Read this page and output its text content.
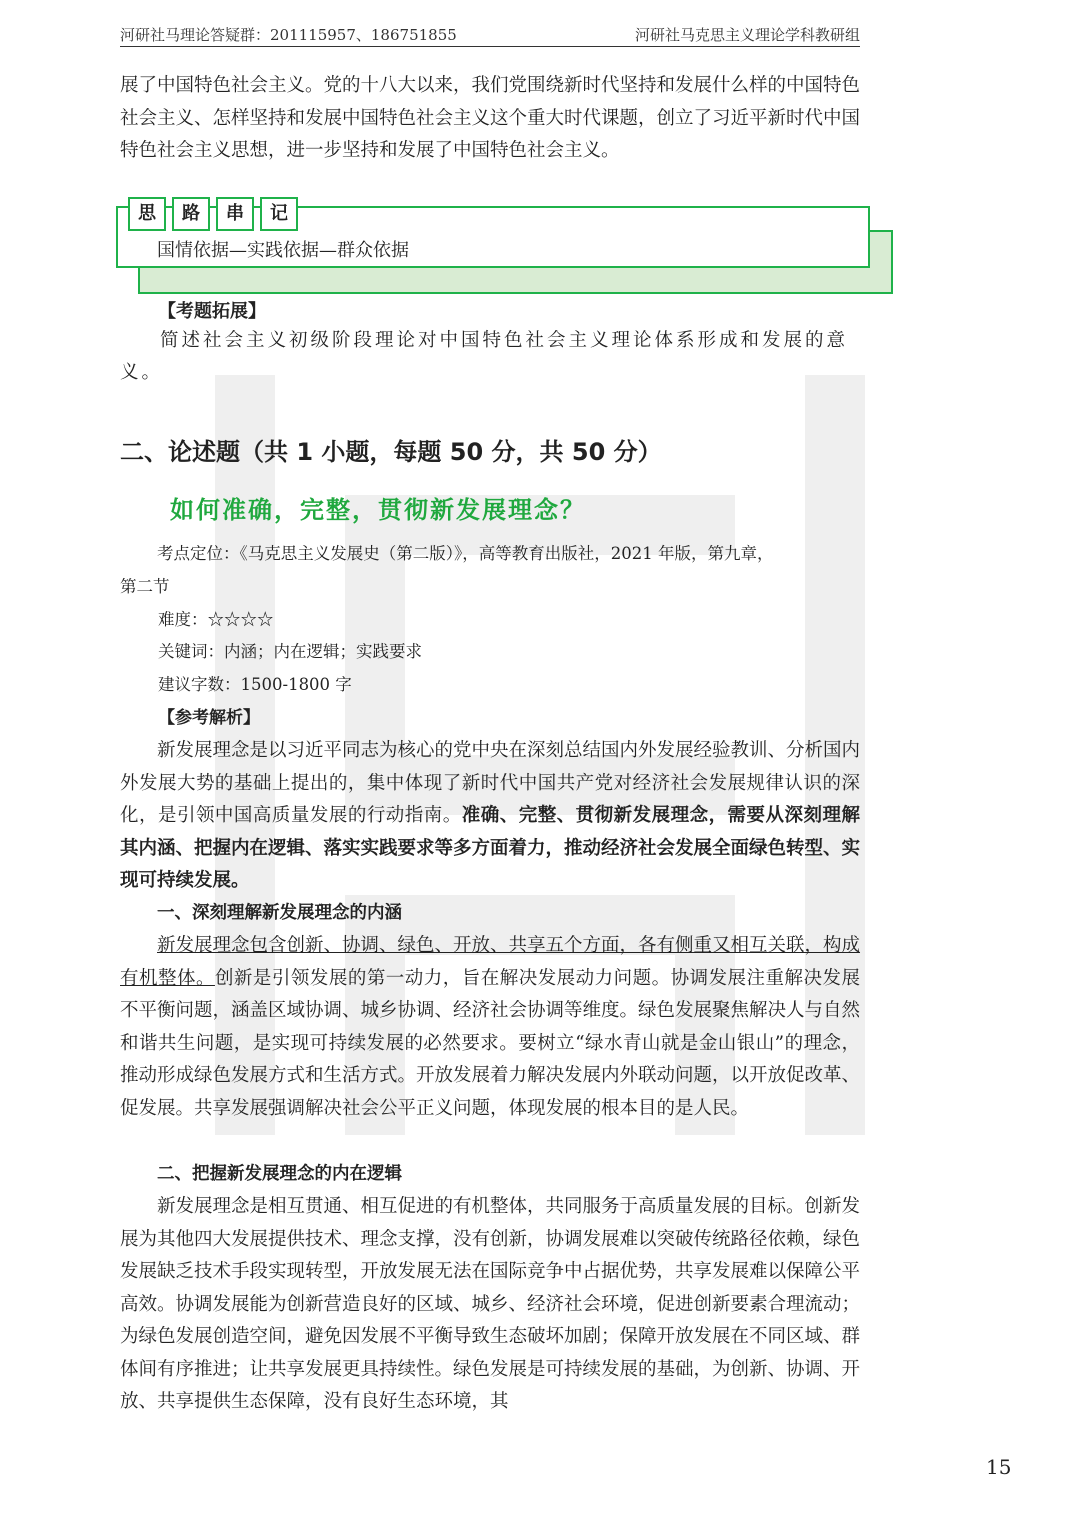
河研社马理论答疑群：201115957、186751855	河研社马克思主义理论学科教研组
展了中国特色社会主义。党的十八大以来，我们党围绕新时代坚持和发展什么样的中国特色社会主义、怎样坚持和发展中国特色社会主义这个重大时代课题，创立了习近平新时代中国特色社会主义思想，进一步坚持和发展了中国特色社会主义。
思	路	串	记
国情依据—实践依据—群众依据
【考题拓展】
简述社会主义初级阶段理论对中国特色社会主义理论体系形成和发展的意义。
二、论述题（共 1 小题，每题 50 分，共 50 分）
如何准确，完整，贯彻新发展理念？
考点定位：《马克思主义发展史（第二版）》，高等教育出版社，2021 年版，第九章，
第二节
难度：☆☆☆☆
关键词：内涵；内在逻辑；实践要求
建议字数：1500-1800 字
【参考解析】
新发展理念是以习近平同志为核心的党中央在深刻总结国内外发展经验教训、分析国内外发展大势的基础上提出的，集中体现了新时代中国共产党对经济社会发展规律认识的深化，是引领中国高质量发展的行动指南。准确、完整、贯彻新发展理念，需要从深刻理解其内涵、把握内在逻辑、落实实践要求等多方面着力，推动经济社会发展全面绿色转型、实现可持续发展。
一、深刻理解新发展理念的内涵
新发展理念包含创新、协调、绿色、开放、共享五个方面，各有侧重又相互关联，构成有机整体。创新是引领发展的第一动力，旨在解决发展动力问题。协调发展注重解决发展不平衡问题，涵盖区域协调、城乡协调、经济社会协调等维度。绿色发展聚焦解决人与自然和谐共生问题，是实现可持续发展的必然要求。要树立“绿水青山就是金山银山”的理念，推动形成绿色发展方式和生活方式。开放发展着力解决发展内外联动问题，以开放促改革、促发展。共享发展强调解决社会公平正义问题，体现发展的根本目的是人民。
二、把握新发展理念的内在逻辑
新发展理念是相互贯通、相互促进的有机整体，共同服务于高质量发展的目标。创新发展为其他四大发展提供技术、理念支撑，没有创新，协调发展难以突破传统路径依赖，绿色发展缺乏技术手段实现转型，开放发展无法在国际竞争中占据优势，共享发展难以保障公平高效。协调发展能为创新营造良好的区域、城乡、经济社会环境，促进创新要素合理流动；为绿色发展创造空间，避免因发展不平衡导致生态破坏加剧；保障开放发展在不同区域、群体间有序推进；让共享发展更具持续性。绿色发展是可持续发展的基础，为创新、协调、开放、共享提供生态保障，没有良好生态环境，其
15
